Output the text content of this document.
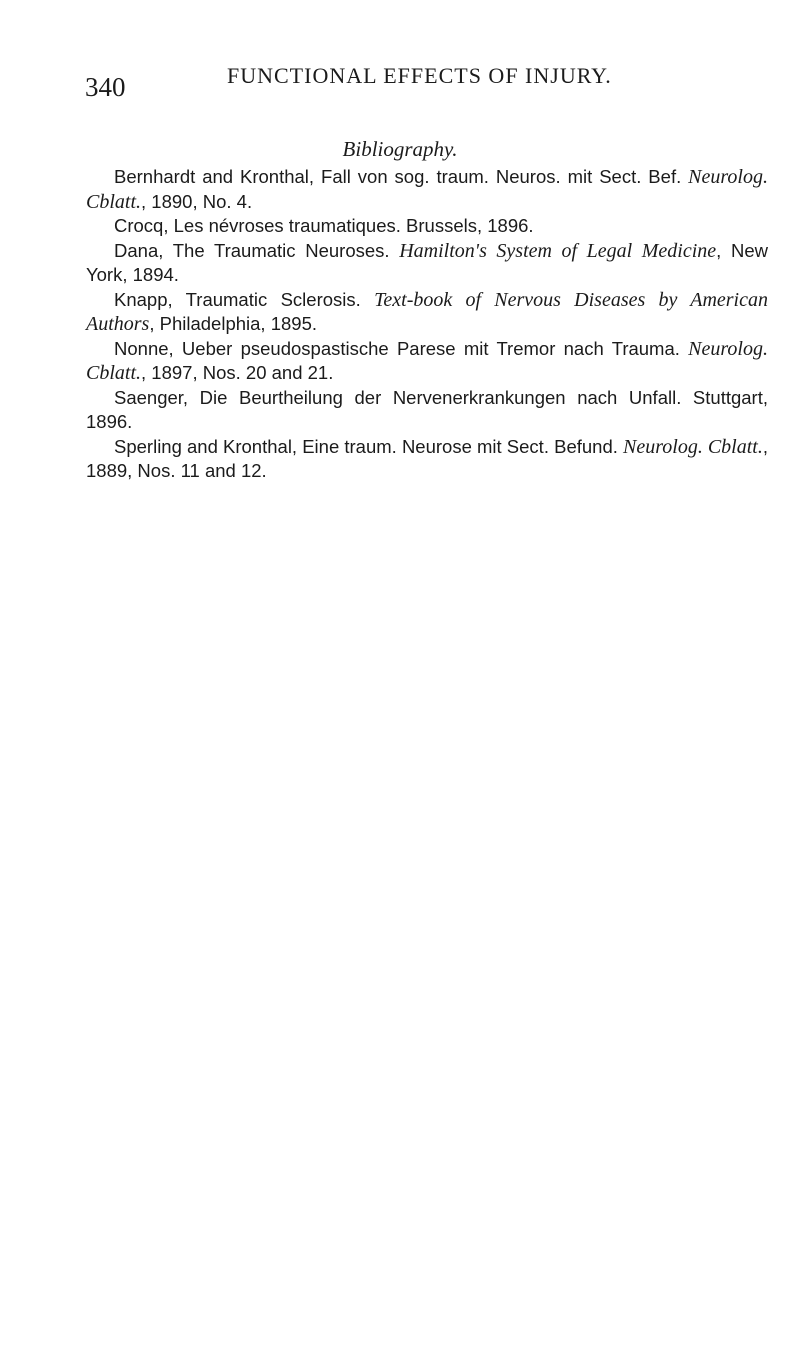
340	FUNCTIONAL EFFECTS OF INJURY.
Bibliography.

Bernhardt and Kronthal, Fall von sog. traum. Neuros. mit Sect. Bef. Neurolog. Cblatt., 1890, No. 4.

Crocq, Les névroses traumatiques. Brussels, 1896.

Dana, The Traumatic Neuroses. Hamilton's System of Legal Medicine, New York, 1894.

Knapp, Traumatic Sclerosis. Text-book of Nervous Diseases by American Authors, Philadelphia, 1895.

Nonne, Ueber pseudospastische Parese mit Tremor nach Trauma. Neurolog. Cblatt., 1897, Nos. 20 and 21.

Saenger, Die Beurtheilung der Nervenerkrankungen nach Unfall. Stuttgart, 1896.

Sperling and Kronthal, Eine traum. Neurose mit Sect. Befund. Neurolog. Cblatt., 1889, Nos. 11 and 12.
